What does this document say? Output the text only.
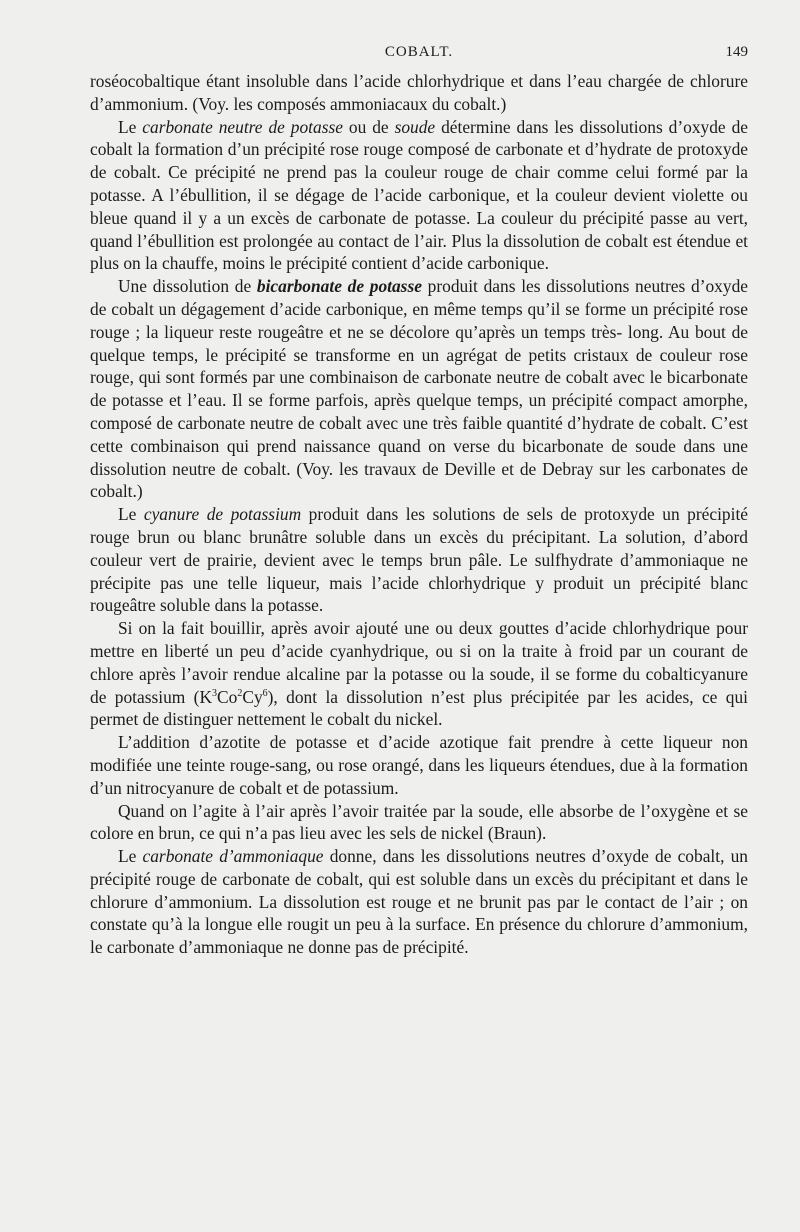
COBALT.	149

roséocobaltique étant insoluble dans l’acide chlorhydrique et dans l’eau chargée de chlorure d’ammonium. (Voy. les composés ammoniacaux du cobalt.)

Le carbonate neutre de potasse ou de soude détermine dans les dissolutions d’oxyde de cobalt la formation d’un précipité rose rouge composé de carbonate et d’hydrate de protoxyde de cobalt. Ce précipité ne prend pas la couleur rouge de chair comme celui formé par la potasse. A l’ébullition, il se dégage de l’acide carbonique, et la couleur devient violette ou bleue quand il y a un excès de carbonate de potasse. La couleur du précipité passe au vert, quand l’ébullition est prolongée au contact de l’air. Plus la dissolution de cobalt est étendue et plus on la chauffe, moins le précipité contient d’acide carbonique.

Une dissolution de bicarbonate de potasse produit dans les dissolutions neutres d’oxyde de cobalt un dégagement d’acide carbonique, en même temps qu’il se forme un précipité rose rouge ; la liqueur reste rougeâtre et ne se décolore qu’après un temps très- long. Au bout de quelque temps, le précipité se transforme en un agrégat de petits cristaux de couleur rose rouge, qui sont formés par une combinaison de carbonate neutre de cobalt avec le bicarbonate de potasse et l’eau. Il se forme parfois, après quelque temps, un précipité compact amorphe, composé de carbonate neutre de cobalt avec une très faible quantité d’hydrate de cobalt. C’est cette combinaison qui prend naissance quand on verse du bicarbonate de soude dans une dissolution neutre de cobalt. (Voy. les travaux de Deville et de Debray sur les carbonates de cobalt.)

Le cyanure de potassium produit dans les solutions de sels de protoxyde un précipité rouge brun ou blanc brunâtre soluble dans un excès du précipitant. La solution, d’abord couleur vert de prairie, devient avec le temps brun pâle. Le sulfhydrate d’ammoniaque ne précipite pas une telle liqueur, mais l’acide chlorhydrique y produit un précipité blanc rougeâtre soluble dans la potasse.

Si on la fait bouillir, après avoir ajouté une ou deux gouttes d’acide chlorhydrique pour mettre en liberté un peu d’acide cyanhydrique, ou si on la traite à froid par un courant de chlore après l’avoir rendue alcaline par la potasse ou la soude, il se forme du cobalticyanure de potassium $(K^3Co^2Cy^6)$, dont la dissolution n’est plus précipitée par les acides, ce qui permet de distinguer nettement le cobalt du nickel.

L’addition d’azotite de potasse et d’acide azotique fait prendre à cette liqueur non modifiée une teinte rouge-sang, ou rose orangé, dans les liqueurs étendues, due à la formation d’un nitrocyanure de cobalt et de potassium.

Quand on l’agite à l’air après l’avoir traitée par la soude, elle absorbe de l’oxygène et se colore en brun, ce qui n’a pas lieu avec les sels de nickel (Braun).

Le carbonate d’ammoniaque donne, dans les dissolutions neutres d’oxyde de cobalt, un précipité rouge de carbonate de cobalt, qui est soluble dans un excès du précipitant et dans le chlorure d’ammonium. La dissolution est rouge et ne brunit pas par le contact de l’air ; on constate qu’à la longue elle rougit un peu à la surface. En présence du chlorure d’ammonium, le carbonate d’ammoniaque ne donne pas de précipité.
